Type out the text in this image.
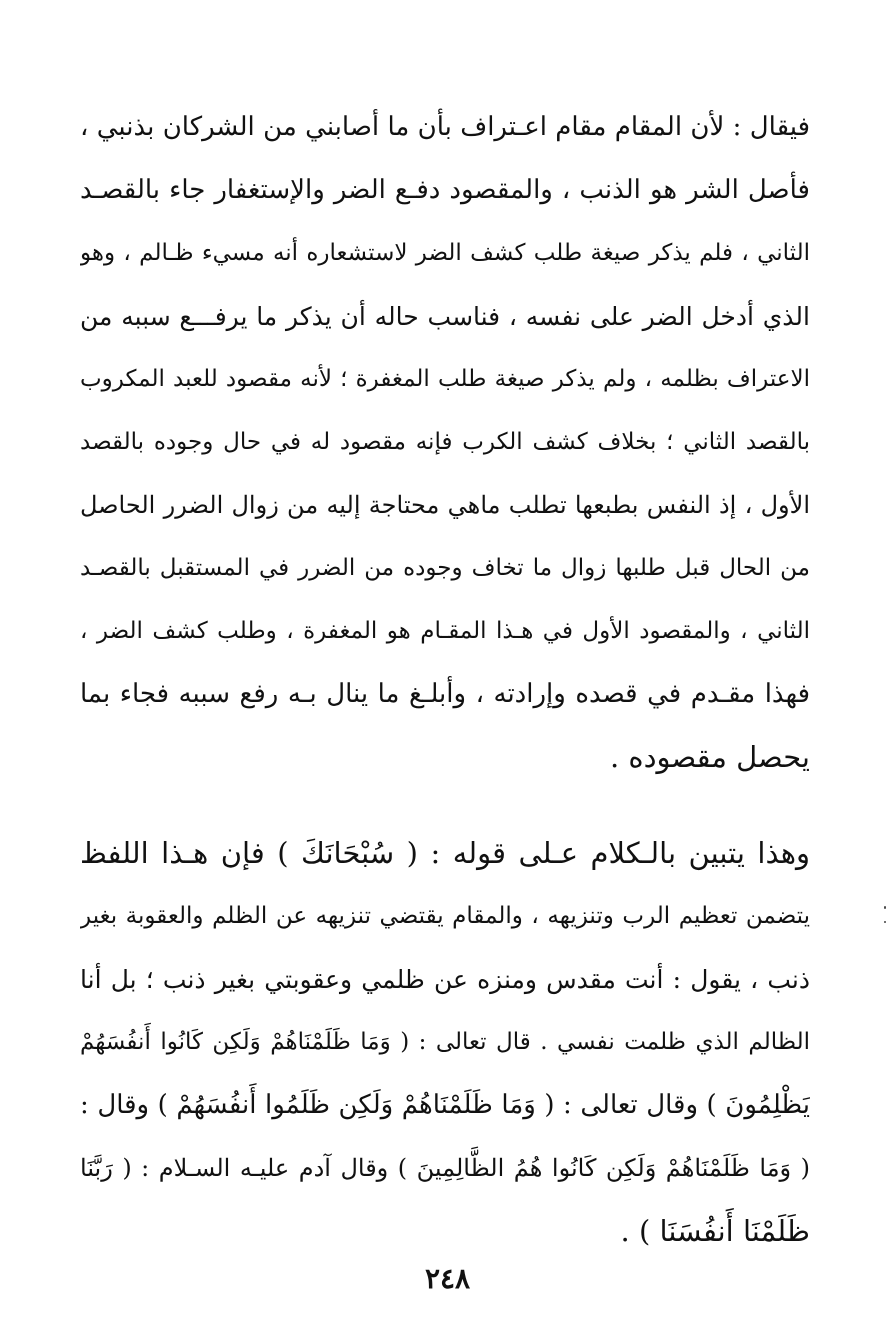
فيقال : لأن المقام مقام اعـتراف بأن ما أصابني من الشركان بذنبي ،
فأصل الشر هو الذنب ، والمقصود دفـع الضر والإستغفار جاء بالقصـد
الثاني ، فلم يذكر صيغة طلب كشف الضر لاستشعاره أنه مسيء ظـالم ، وهو
الذي أدخل الضر على نفسه ، فناسب حاله أن يذكر ما يرفـــع سببه من
الاعتراف بظلمه ، ولم يذكر صيغة طلب المغفرة ؛ لأنه مقصود للعبد المكروب
بالقصد الثاني ؛ بخلاف كشف الكرب فإنه مقصود له في حال وجوده بالقصد
الأول ، إذ النفس بطبعها تطلب ماهي محتاجة إليه من زوال الضرر الحاصل
من الحال قبل طلبها زوال ما تخاف وجوده من الضرر في المستقبل بالقصـد
الثاني ، والمقصود الأول في هـذا المقـام هو المغفرة ، وطلب كشف الضر ،
فهذا مقـدم في قصده وإرادته ، وأبلـغ ما ينال بـه رفع سببه فجاء بما
يحصل مقصوده .
وهذا يتبين بالـكلام عـلى قوله : ( سُبْحَانَكَ ) فإن هـذا اللفظ
يتضمن تعظيم الرب وتنزيهه ، والمقام يقتضي تنزيهه عن الظلم والعقوبة بغير
ذنب ، يقول : أنت مقدس ومنزه عن ظلمي وعقوبتي بغير ذنب ؛ بل أنا
الظالم الذي ظلمت نفسي . قال تعالى : ( وَمَا ظَلَمْنَاهُمْ وَلَكِن كَانُوا أَنفُسَهُمْ
يَظْلِمُونَ ) وقال تعالى : ( وَمَا ظَلَمْنَاهُمْ وَلَكِن ظَلَمُوا أَنفُسَهُمْ ) وقال :
( وَمَا ظَلَمْنَاهُمْ وَلَكِن كَانُوا هُمُ الظَّالِمِينَ ) وقال آدم عليـه السـلام : ( رَبَّنَا
ظَلَمْنَا أَنفُسَنَا ) .
٢٤٨
